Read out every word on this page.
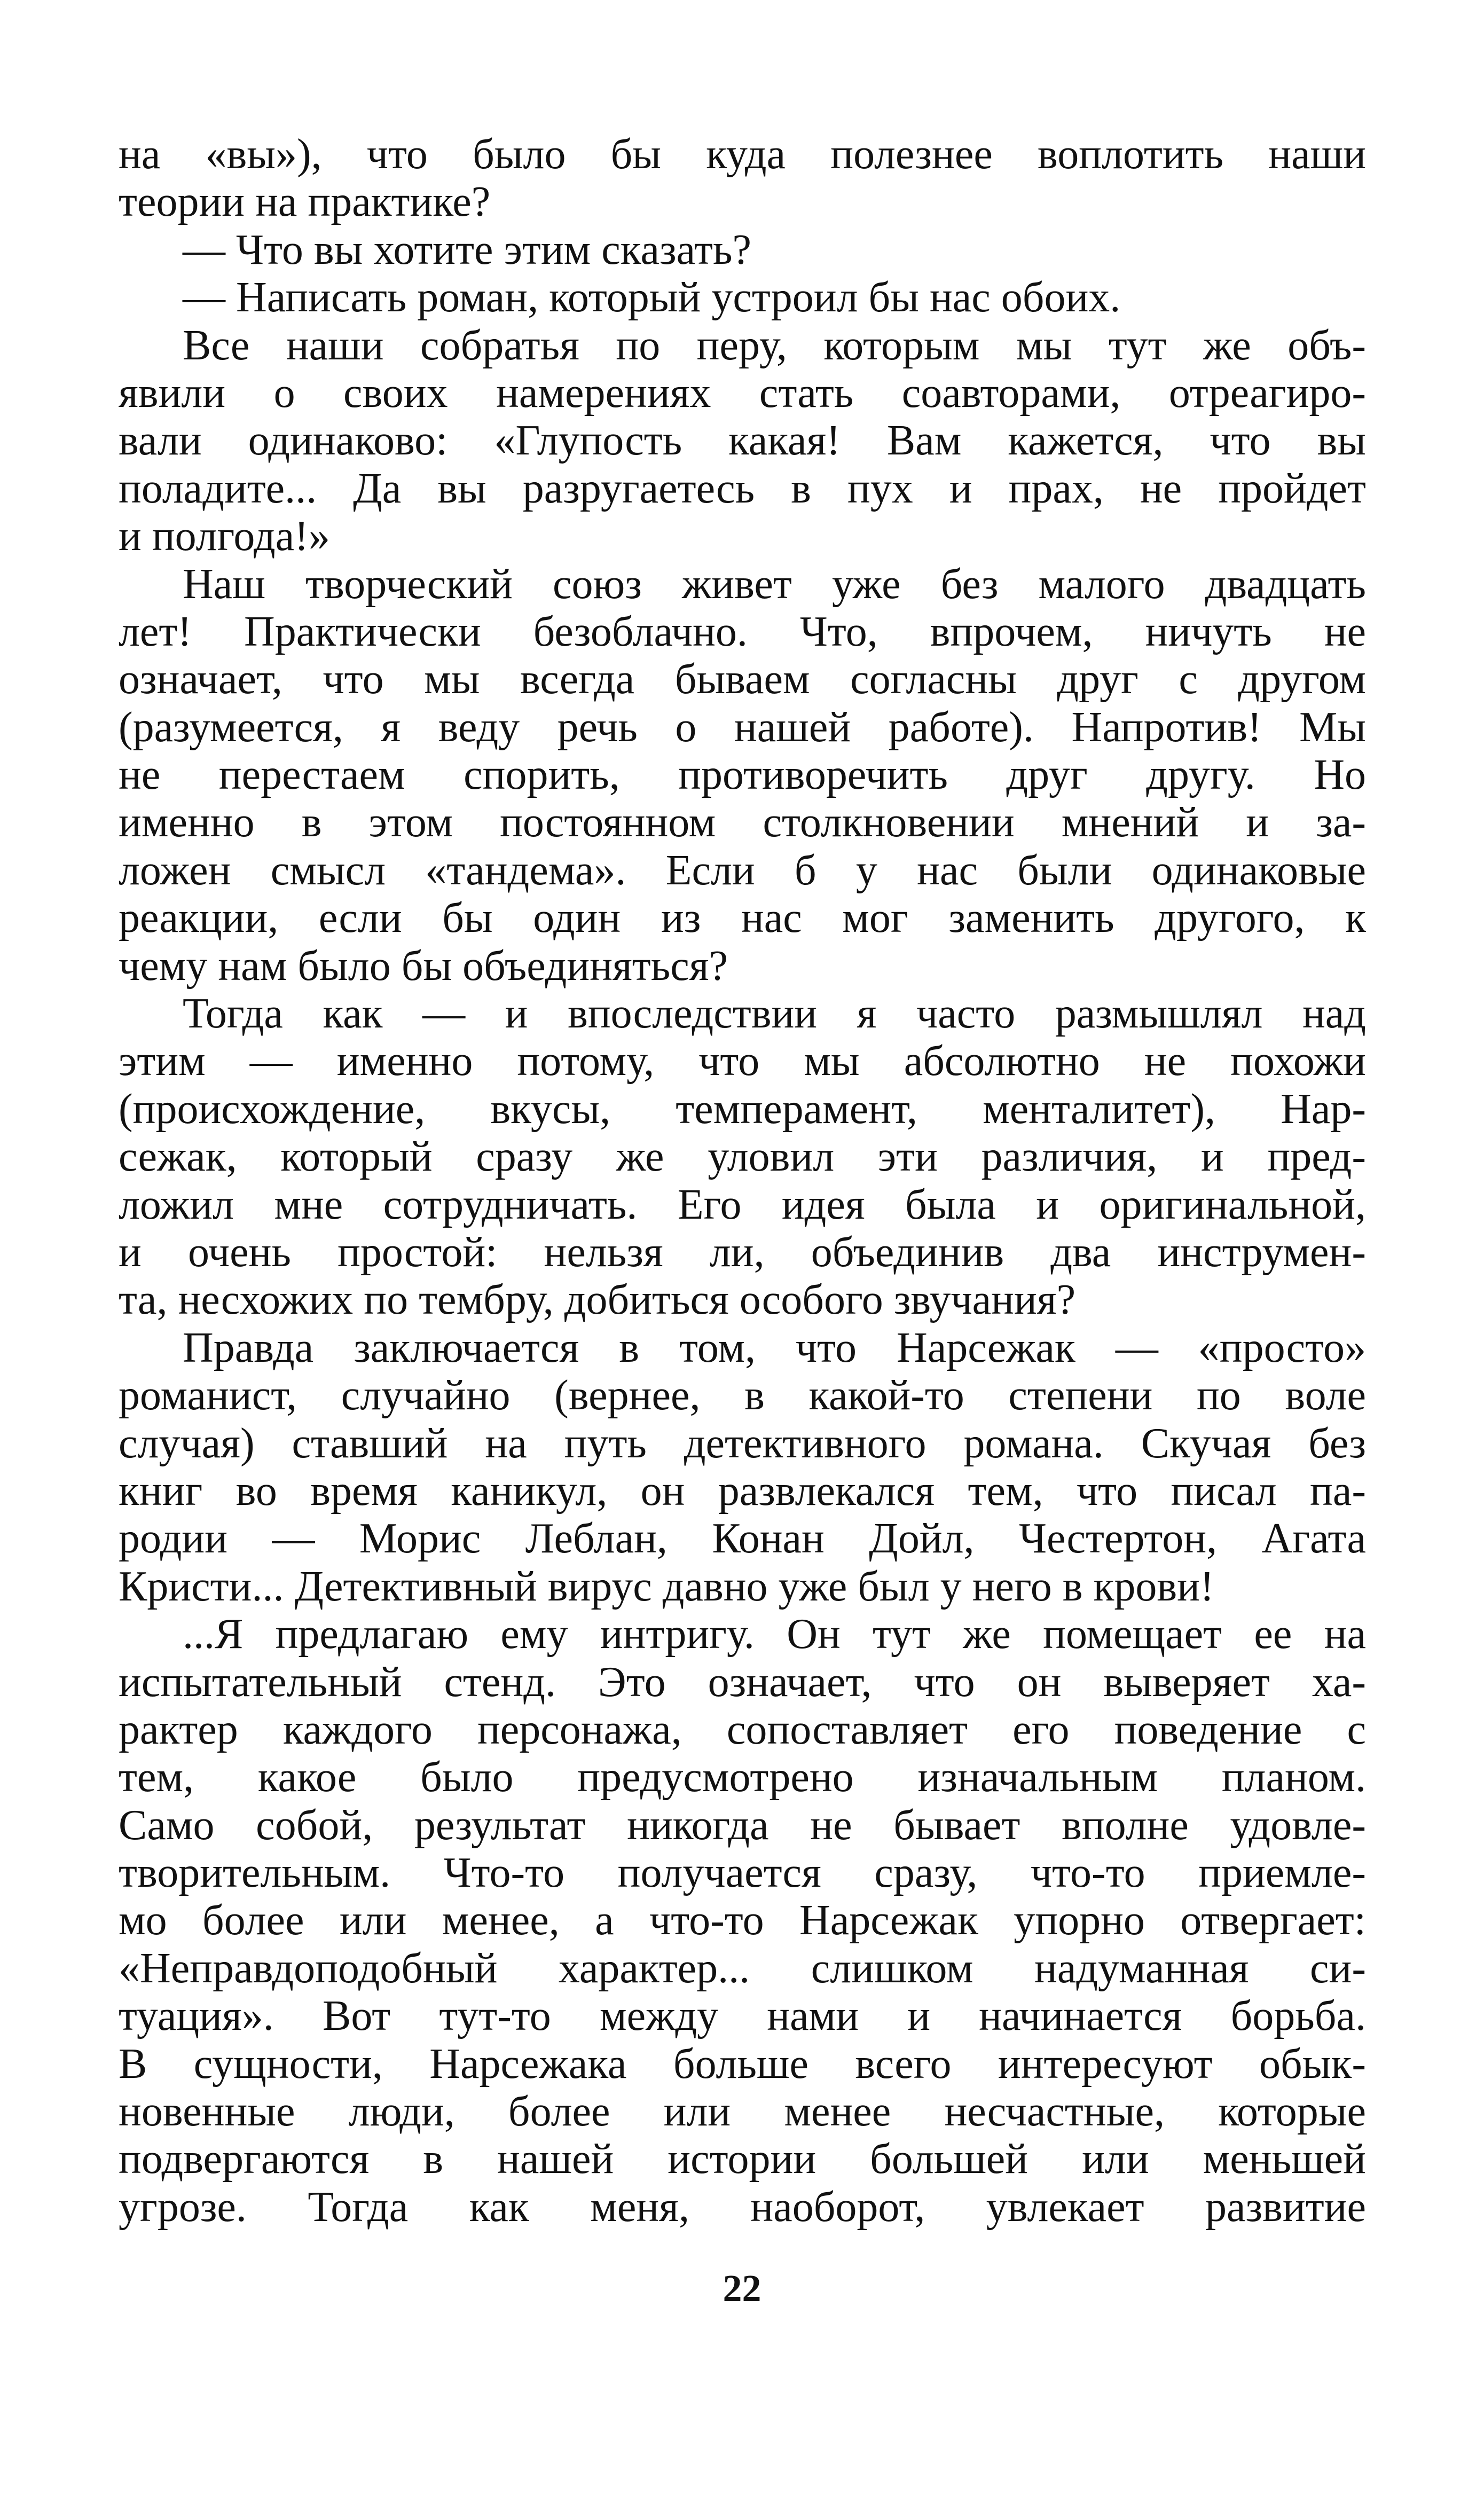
на «вы»), что было бы куда полезнее воплотить наши
теории на практике?
— Что вы хотите этим сказать?
— Написать роман, который устроил бы нас обоих.
Все наши собратья по перу, которым мы тут же объ-
явили о своих намерениях стать соавторами, отреагиро-
вали одинаково: «Глупость какая! Вам кажется, что вы
поладите... Да вы разругаетесь в пух и прах, не пройдет
и полгода!»
Наш творческий союз живет уже без малого двадцать
лет! Практически безоблачно. Что, впрочем, ничуть не
означает, что мы всегда бываем согласны друг с другом
(разумеется, я веду речь о нашей работе). Напротив! Мы
не перестаем спорить, противоречить друг другу. Но
именно в этом постоянном столкновении мнений и за-
ложен смысл «тандема». Если б у нас были одинаковые
реакции, если бы один из нас мог заменить другого, к
чему нам было бы объединяться?
Тогда как — и впоследствии я часто размышлял над
этим — именно потому, что мы абсолютно не похожи
(происхождение, вкусы, темперамент, менталитет), Нар-
сежак, который сразу же уловил эти различия, и пред-
ложил мне сотрудничать. Его идея была и оригинальной,
и очень простой: нельзя ли, объединив два инструмен-
та, несхожих по тембру, добиться особого звучания?
Правда заключается в том, что Нарсежак — «просто»
романист, случайно (вернее, в какой-то степени по воле
случая) ставший на путь детективного романа. Скучая без
книг во время каникул, он развлекался тем, что писал па-
родии — Морис Леблан, Конан Дойл, Честертон, Агата
Кристи... Детективный вирус давно уже был у него в крови!
...Я предлагаю ему интригу. Он тут же помещает ее на
испытательный стенд. Это означает, что он выверяет ха-
рактер каждого персонажа, сопоставляет его поведение с
тем, какое было предусмотрено изначальным планом.
Само собой, результат никогда не бывает вполне удовле-
творительным. Что-то получается сразу, что-то приемле-
мо более или менее, а что-то Нарсежак упорно отвергает:
«Неправдоподобный характер... слишком надуманная си-
туация». Вот тут-то между нами и начинается борьба.
В сущности, Нарсежака больше всего интересуют обык-
новенные люди, более или менее несчастные, которые
подвергаются в нашей истории большей или меньшей
угрозе. Тогда как меня, наоборот, увлекает развитие
22
